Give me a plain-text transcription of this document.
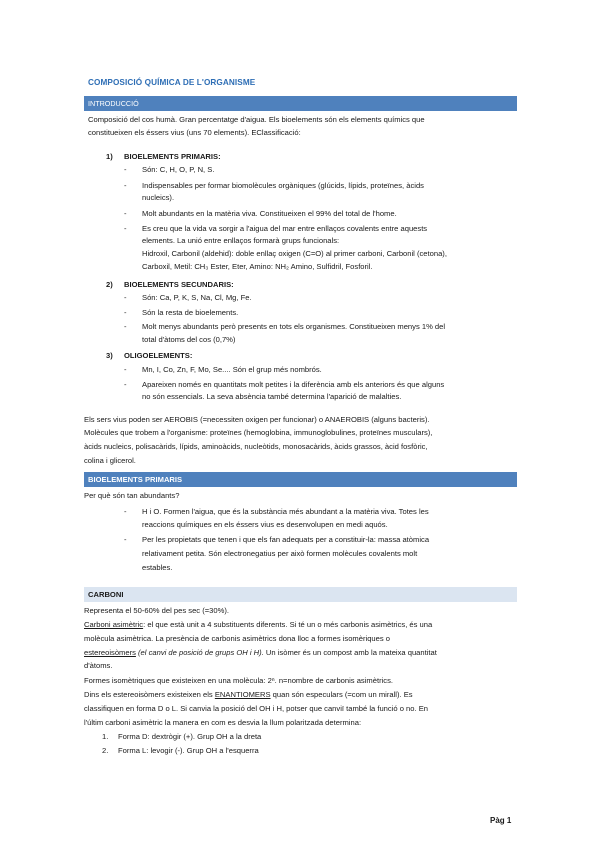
COMPOSICIÓ QUÍMICA DE L'ORGANISME
INTRODUCCIÓ
Composició del cos humà. Gran percentatge d'aigua. Els bioelements són els elements químics que
constitueixen els éssers vius (uns 70 elements). EClassificació:
1) BIOELEMENTS PRIMARIS:
- Són: C, H, O, P, N, S.
- Indispensables per formar biomolècules orgàniques (glúcids, lípids, proteïnes, àcids
nucleics).
- Molt abundants en la matèria viva. Constitueixen el 99% del total de l'home.
- Es creu que la vida va sorgir a l'aigua del mar entre enllaços covalents entre aquests
elements. La unió entre enllaços formarà grups funcionals:
Hidroxil, Carbonil (aldehid): doble enllaç oxigen (C=O) al primer carboni, Carbonil (cetona),
Carboxil, Metil: CH₃ Ester, Eter, Amino: NH₂ Amino, Sulfidril, Fosforil.
2) BIOELEMENTS SECUNDARIS:
- Són: Ca, P, K, S, Na, Cl, Mg, Fe.
- Són la resta de bioelements.
- Molt menys abundants però presents en tots els organismes. Constitueixen menys 1% del
total d'àtoms del cos (0,7%)
3) OLIGOELEMENTS:
- Mn, I, Co, Zn, F, Mo, Se.... Són el grup més nombrós.
- Apareixen només en quantitats molt petites i la diferència amb els anteriors és que alguns
no són essencials. La seva absència també determina l'aparició de malalties.
Els sers vius poden ser AEROBIS (=necessiten oxigen per funcionar) o ANAEROBIS (alguns bacteris).
Molècules que trobem a l'organisme: proteïnes (hemoglobina, immunoglobulines, proteïnes musculars),
àcids nucleics, polisacàrids, lípids, aminoàcids, nucleòtids, monosacàrids, àcids grassos, àcid fosfòric,
colina i glicerol.
BIOELEMENTS PRIMARIS
Per què són tan abundants?
- H i O. Formen l'aigua, que és la substància més abundant a la matèria viva. Totes les
reaccions químiques en els éssers vius es desenvolupen en medi aquós.
- Per les propietats que tenen i que els fan adequats per a constituir-la: massa atòmica
relativament petita. Són electronegatius per això formen molècules covalents molt
estables.
CARBONI
Representa el 50-60% del pes sec (=30%).
Carboni asimètric: el que està unit a 4 substituents diferents. Si té un o més carbonis asimètrics, és una
molècula asimètrica. La presència de carbonis asimètrics dona lloc a formes isomèriques o
estereoisòmers (el canvi de posició de grups OH i H). Un isòmer és un compost amb la mateixa quantitat
d'àtoms.
Formes isomètriques que existeixen en una molècula: 2ⁿ. n=nombre de carbonis asimètrics.
Dins els estereoisòmers existeixen els ENANTIOMERS quan són especulars (=com un mirall). Es
classifiquen en forma D o L. Si canvia la posició del OH i H, potser que canviï també la funció o no. En
l'últim carboni asimètric la manera en com es desvia la llum polaritzada determina:
1. Forma D: dextrògir (+). Grup OH a la dreta
2. Forma L: levogir (-). Grup OH a l'esquerra
Pàg 1
